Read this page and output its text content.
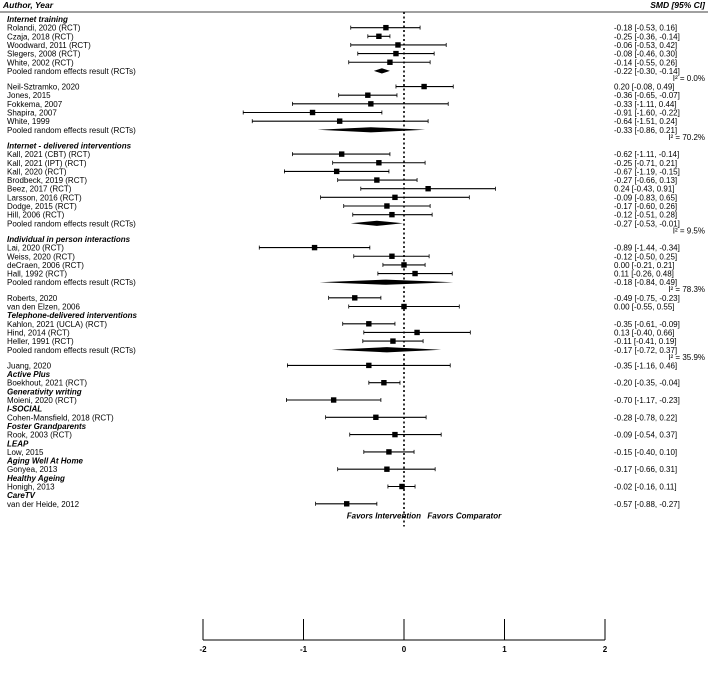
Author, Year	SMD [95% CI]
Internet training
Rolandi, 2020 (RCT)	-0.18 [-0.53, 0.16]
Czaja, 2018 (RCT)	-0.25 [-0.36, -0.14]
Woodward, 2011 (RCT)	-0.06 [-0.53, 0.42]
Slegers, 2008 (RCT)	-0.08 [-0.46, 0.30]
White, 2002 (RCT)	-0.14 [-0.55, 0.26]
Pooled random effects result (RCTs)	-0.22 [-0.30, -0.14]
I² = 0.0%
Neil-Sztramko, 2020	0.20 [-0.08, 0.49]
Jones, 2015	-0.36 [-0.65, -0.07]
Fokkema, 2007	-0.33 [-1.11, 0.44]
Shapira, 2007	-0.91 [-1.60, -0.22]
White, 1999	-0.64 [-1.51, 0.24]
Pooled random effects result (RCTs)	-0.33 [-0.86, 0.21]
I² = 70.2%
Internet - delivered interventions
Kall, 2021 (CBT) (RCT)	-0.62 [-1.11, -0.14]
Kall, 2021 (IPT) (RCT)	-0.25 [-0.71, 0.21]
Kall, 2020 (RCT)	-0.67 [-1.19, -0.15]
Brodbeck, 2019 (RCT)	-0.27 [-0.66, 0.13]
Beez, 2017 (RCT)	0.24 [-0.43, 0.91]
Larsson, 2016 (RCT)	-0.09 [-0.83, 0.65]
Dodge, 2015 (RCT)	-0.17 [-0.60, 0.26]
Hill, 2006 (RCT)	-0.12 [-0.51, 0.28]
Pooled random effects result (RCTs)	-0.27 [-0.53, -0.01]
I² = 9.5%
Individual in person interactions
Lai, 2020 (RCT)	-0.89 [-1.44, -0.34]
Weiss, 2020 (RCT)	-0.12 [-0.50, 0.25]
deCraen, 2006 (RCT)	0.00 [-0.21, 0.21]
Hall, 1992 (RCT)	0.11 [-0.26, 0.48]
Pooled random effects result (RCTs)	-0.18 [-0.84, 0.49]
I² = 78.3%
Roberts, 2020	-0.49 [-0.75, -0.23]
van den Elzen, 2006	0.00 [-0.55, 0.55]
Telephone-delivered interventions
Kahlon, 2021 (UCLA) (RCT)	-0.35 [-0.61, -0.09]
Hind, 2014 (RCT)	0.13 [-0.40, 0.66]
Heller, 1991 (RCT)	-0.11 [-0.41, 0.19]
Pooled random effects result (RCTs)	-0.17 [-0.72, 0.37]
I² = 35.9%
Juang, 2020	-0.35 [-1.16, 0.46]
Active Plus
Boekhout, 2021 (RCT)	-0.20 [-0.35, -0.04]
Generativity writing
Moieni, 2020 (RCT)	-0.70 [-1.17, -0.23]
I-SOCIAL
Cohen-Mansfield, 2018 (RCT)	-0.28 [-0.78, 0.22]
Foster Grandparents
Rook, 2003 (RCT)	-0.09 [-0.54, 0.37]
LEAP
Low, 2015	-0.15 [-0.40, 0.10]
Aging Well At Home
Gonyea, 2013	-0.17 [-0.66, 0.31]
Healthy Ageing
Honigh, 2013	-0.02 [-0.16, 0.11]
CareTV
van der Heide, 2012	-0.57 [-0.88, -0.27]
Favors Intervention Favors Comparator
-2	-1	0	1	2
